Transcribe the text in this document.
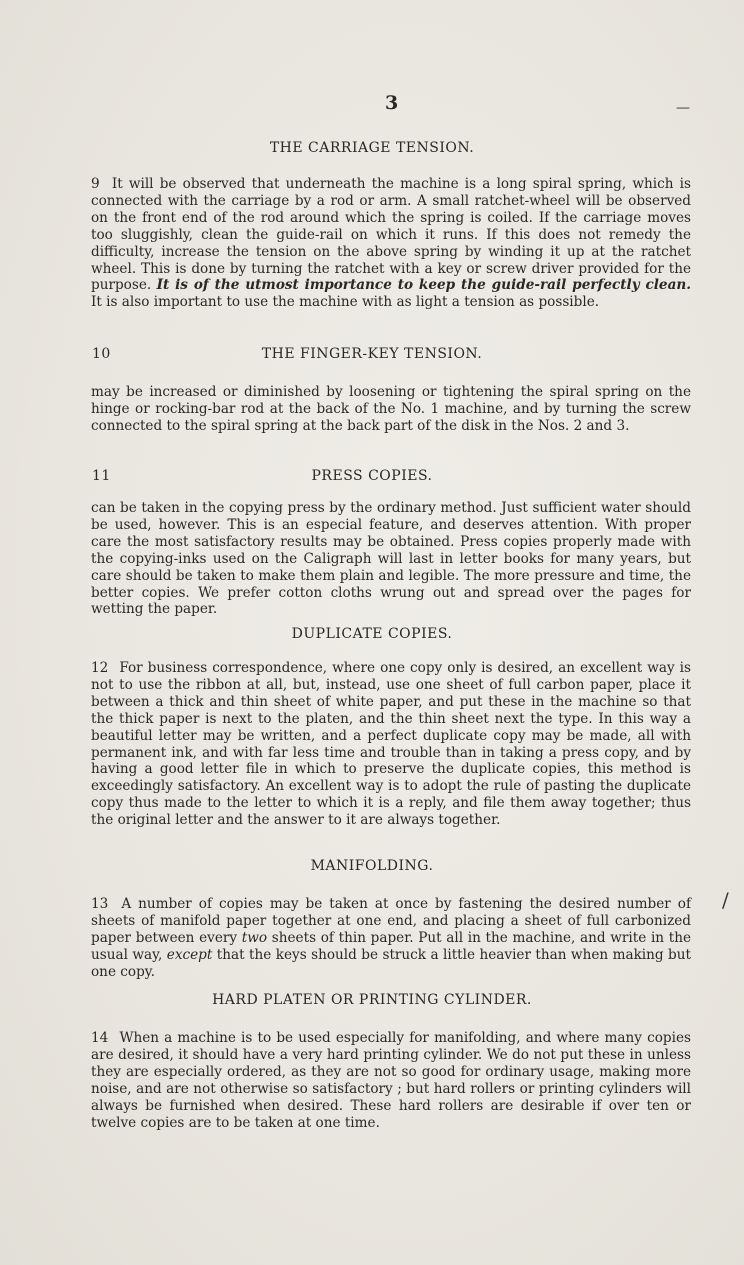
3	—
THE CARRIAGE TENSION.
9 It will be observed that underneath the machine is a long spiral spring, which is connected with the carriage by a rod or arm. A small ratchet-wheel will be observed on the front end of the rod around which the spring is coiled. If the carriage moves too sluggishly, clean the guide-rail on which it runs. If this does not remedy the difficulty, increase the tension on the above spring by winding it up at the ratchet wheel. This is done by turning the ratchet with a key or screw driver provided for the purpose. It is of the utmost importance to keep the guide-rail perfectly clean. It is also important to use the machine with as light a tension as possible.
10	THE FINGER-KEY TENSION.
may be increased or diminished by loosening or tightening the spiral spring on the hinge or rocking-bar rod at the back of the No. 1 machine, and by turning the screw connected to the spiral spring at the back part of the disk in the Nos. 2 and 3.
11	PRESS COPIES.
can be taken in the copying press by the ordinary method. Just sufficient water should be used, however. This is an especial feature, and deserves attention. With proper care the most satisfactory results may be obtained. Press copies properly made with the copying-inks used on the Caligraph will last in letter books for many years, but care should be taken to make them plain and legible. The more pressure and time, the better copies. We prefer cotton cloths wrung out and spread over the pages for wetting the paper.
DUPLICATE COPIES.
12 For business correspondence, where one copy only is desired, an excellent way is not to use the ribbon at all, but, instead, use one sheet of full carbon paper, place it between a thick and thin sheet of white paper, and put these in the machine so that the thick paper is next to the platen, and the thin sheet next the type. In this way a beautiful letter may be written, and a perfect duplicate copy may be made, all with permanent ink, and with far less time and trouble than in taking a press copy, and by having a good letter file in which to preserve the duplicate copies, this method is exceedingly satisfactory. An excellent way is to adopt the rule of pasting the duplicate copy thus made to the letter to which it is a reply, and file them away together; thus the original letter and the answer to it are always together.
MANIFOLDING.
13 A number of copies may be taken at once by fastening the desired number of sheets of manifold paper together at one end, and placing a sheet of full carbonized paper between every two sheets of thin paper. Put all in the machine, and write in the usual way, except that the keys should be struck a little heavier than when making but one copy.
/
HARD PLATEN OR PRINTING CYLINDER.
14 When a machine is to be used especially for manifolding, and where many copies are desired, it should have a very hard printing cylinder. We do not put these in unless they are especially ordered, as they are not so good for ordinary usage, making more noise, and are not otherwise so satisfactory ; but hard rollers or printing cylinders will always be furnished when desired. These hard rollers are desirable if over ten or twelve copies are to be taken at one time.
